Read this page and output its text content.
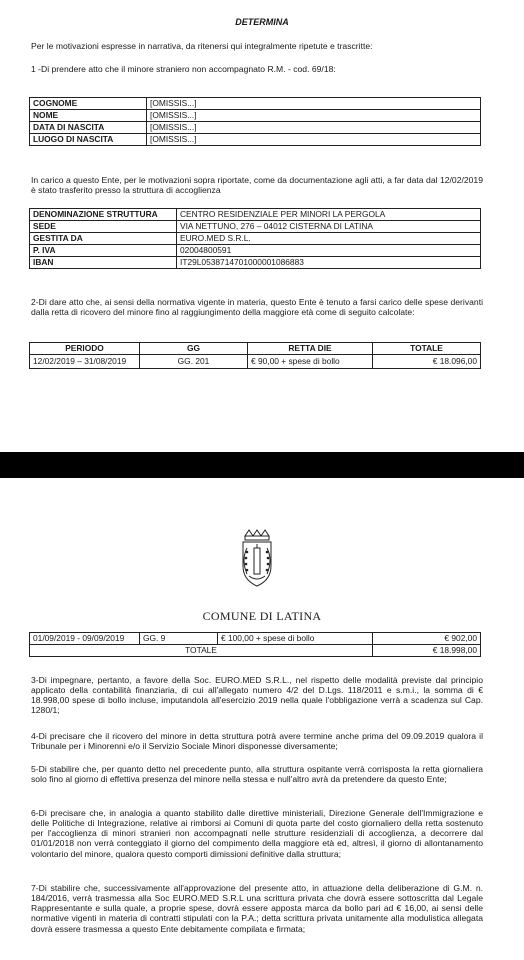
DETERMINA
Per le motivazioni espresse in narrativa, da ritenersi qui integralmente ripetute e trascritte:
1 -Di prendere atto che il minore straniero non accompagnato R.M. - cod. 69/18:
COGNOME	[OMISSIS...]
NOME	[OMISSIS...]
DATA DI NASCITA	[OMISSIS...]
LUOGO DI NASCITA	[OMISSIS...]
In carico a questo Ente, per le motivazioni sopra riportate, come da documentazione agli atti, a far data dal 12/02/2019 è stato trasferito presso la struttura di accoglienza
DENOMINAZIONE STRUTTURA	CENTRO RESIDENZIALE PER MINORI LA PERGOLA
SEDE	VIA NETTUNO, 276 – 04012 CISTERNA DI LATINA
GESTITA DA	EURO.MED S.R.L.
P. IVA	02004800591
IBAN	IT29L0538714701000001086883
2-Di dare atto che, ai sensi della normativa vigente in materia, questo Ente è tenuto a farsi carico delle spese derivanti dalla retta di ricovero del minore fino al raggiungimento della maggiore età come di seguito calcolate:
PERIODO	GG	RETTA DIE	TOTALE
12/02/2019 – 31/08/2019	GG. 201	€ 90,00 + spese di bollo	€ 18.096,00
COMUNE DI LATINA
01/09/2019 - 09/09/2019	GG. 9	€ 100,00 + spese di bollo	€ 902,00
TOTALE			€ 18.998,00
3-Di impegnare, pertanto, a favore della Soc. EURO.MED S.R.L., nel rispetto delle modalità previste dal principio applicato della contabilità finanziaria, di cui all'allegato numero 4/2 del D.Lgs. 118/2011 e s.m.i., la somma di € 18.998,00 spese di bollo incluse, imputandola all'esercizio 2019 nella quale l'obbligazione verrà a scadenza sul Cap. 1280/1;
4-Di precisare che il ricovero del minore in detta struttura potrà avere termine anche prima del 09.09.2019 qualora il Tribunale per i Minorenni e/o il Servizio Sociale Minori disponesse diversamente;
5-Di stabilire che, per quanto detto nel precedente punto, alla struttura ospitante verrà corrisposta la retta giornaliera solo fino al giorno di effettiva presenza del minore nella stessa e null'altro avrà da pretendere da questo Ente;
6-Di precisare che, in analogia a quanto stabilito dalle direttive ministeriali, Direzione Generale dell'Immigrazione e delle Politiche di Integrazione, relative ai rimborsi ai Comuni di quota parte del costo giornaliero della retta sostenuto per l'accoglienza di minori stranieri non accompagnati nelle strutture residenziali di accoglienza, a decorrere dal 01/01/2018 non verrà conteggiato il giorno del compimento della maggiore età ed, altresì, il giorno di allontanamento volontario del minore, qualora questo comporti dimissioni definitive dalla struttura;
7-Di stabilire che, successivamente all'approvazione del presente atto, in attuazione della deliberazione di G.M. n. 184/2016, verrà trasmessa alla Soc EURO.MED S.R.L una scrittura privata che dovrà essere sottoscritta dal Legale Rappresentante e sulla quale, a proprie spese, dovrà essere apposta marca da bollo pari ad € 16,00, ai sensi delle normative vigenti in materia di contratti stipulati con la P.A.; detta scrittura privata unitamente alla modulistica allegata dovrà essere trasmessa a questo Ente debitamente compilata e firmata;
